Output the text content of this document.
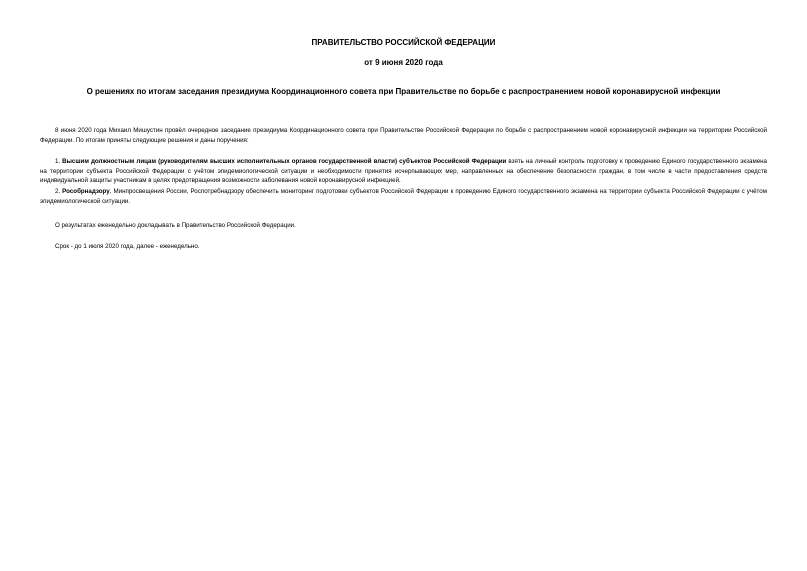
ПРАВИТЕЛЬСТВО РОССИЙСКОЙ ФЕДЕРАЦИИ
от 9 июня 2020 года
О решениях по итогам заседания президиума Координационного совета при Правительстве по борьбе с распространением новой коронавирусной инфекции

8 июня 2020 года Михаил Мишустин провёл очередное заседание президиума Координационного совета при Правительстве Российской Федерации по борьбе с распространением новой коронавирусной инфекции на территории Российской Федерации. По итогам приняты следующие решения и даны поручения:

1. Высшим должностным лицам (руководителям высших исполнительных органов государственной власти) субъектов Российской Федерации взять на личный контроль подготовку к проведению Единого государственного экзамена на территории субъекта Российской Федерации с учётом эпидемиологической ситуации и необходимости принятия исчерпывающих мер, направленных на обеспечение безопасности граждан, в том числе в части предоставления средств индивидуальной защиты участникам в целях предотвращения возможности заболевания новой коронавирусной инфекцией.

2. Рособрнадзору, Минпросвещения России, Роспотребнадзору обеспечить мониторинг подготовки субъектов Российской Федерации к проведению Единого государственного экзамена на территории субъекта Российской Федерации с учётом эпидемиологической ситуации.

О результатах еженедельно докладывать в Правительство Российской Федерации.

Срок - до 1 июля 2020 года, далее - еженедельно.
